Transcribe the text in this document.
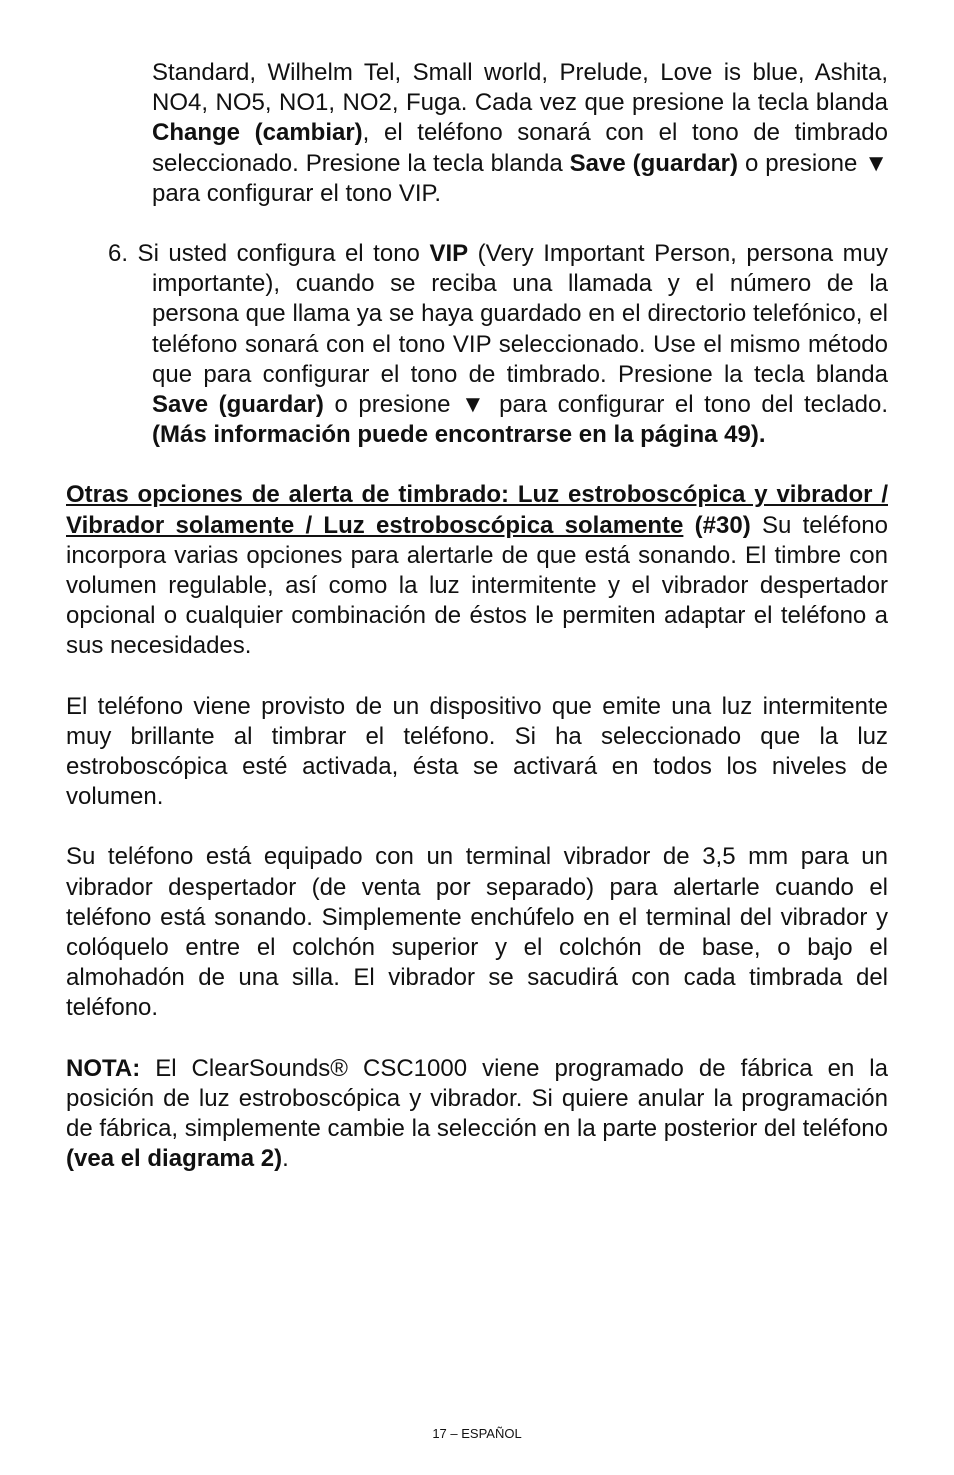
Standard, Wilhelm Tel, Small world, Prelude, Love is blue, Ashita, NO4, NO5, NO1, NO2, Fuga. Cada vez que presione la tecla blanda Change (cambiar), el teléfono sonará con el tono de timbrado seleccionado. Presione la tecla blanda Save (guardar) o presione ▼ para configurar el tono VIP.

6. Si usted configura el tono VIP (Very Important Person, persona muy importante), cuando se reciba una llamada y el número de la persona que llama ya se haya guardado en el directorio telefónico, el teléfono sonará con el tono VIP seleccionado. Use el mismo método que para configurar el tono de timbrado. Presione la tecla blanda Save (guardar) o presione ▼ para configurar el tono del teclado. (Más información puede encontrarse en la página 49).

Otras opciones de alerta de timbrado: Luz estroboscópica y vibrador / Vibrador solamente / Luz estroboscópica solamente (#30) Su teléfono incorpora varias opciones para alertarle de que está sonando. El timbre con volumen regulable, así como la luz intermitente y el vibrador despertador opcional o cualquier combinación de éstos le permiten adaptar el teléfono a sus necesidades.

El teléfono viene provisto de un dispositivo que emite una luz intermitente muy brillante al timbrar el teléfono. Si ha seleccionado que la luz estroboscópica esté activada, ésta se activará en todos los niveles de volumen.

Su teléfono está equipado con un terminal vibrador de 3,5 mm para un vibrador despertador (de venta por separado) para alertarle cuando el teléfono está sonando. Simplemente enchúfelo en el terminal del vibrador y colóquelo entre el colchón superior y el colchón de base, o bajo el almohadón de una silla. El vibrador se sacudirá con cada timbrada del teléfono.

NOTA: El ClearSounds® CSC1000 viene programado de fábrica en la posición de luz estroboscópica y vibrador. Si quiere anular la programación de fábrica, simplemente cambie la selección en la parte posterior del teléfono (vea el diagrama 2).

17 – ESPAÑOL
